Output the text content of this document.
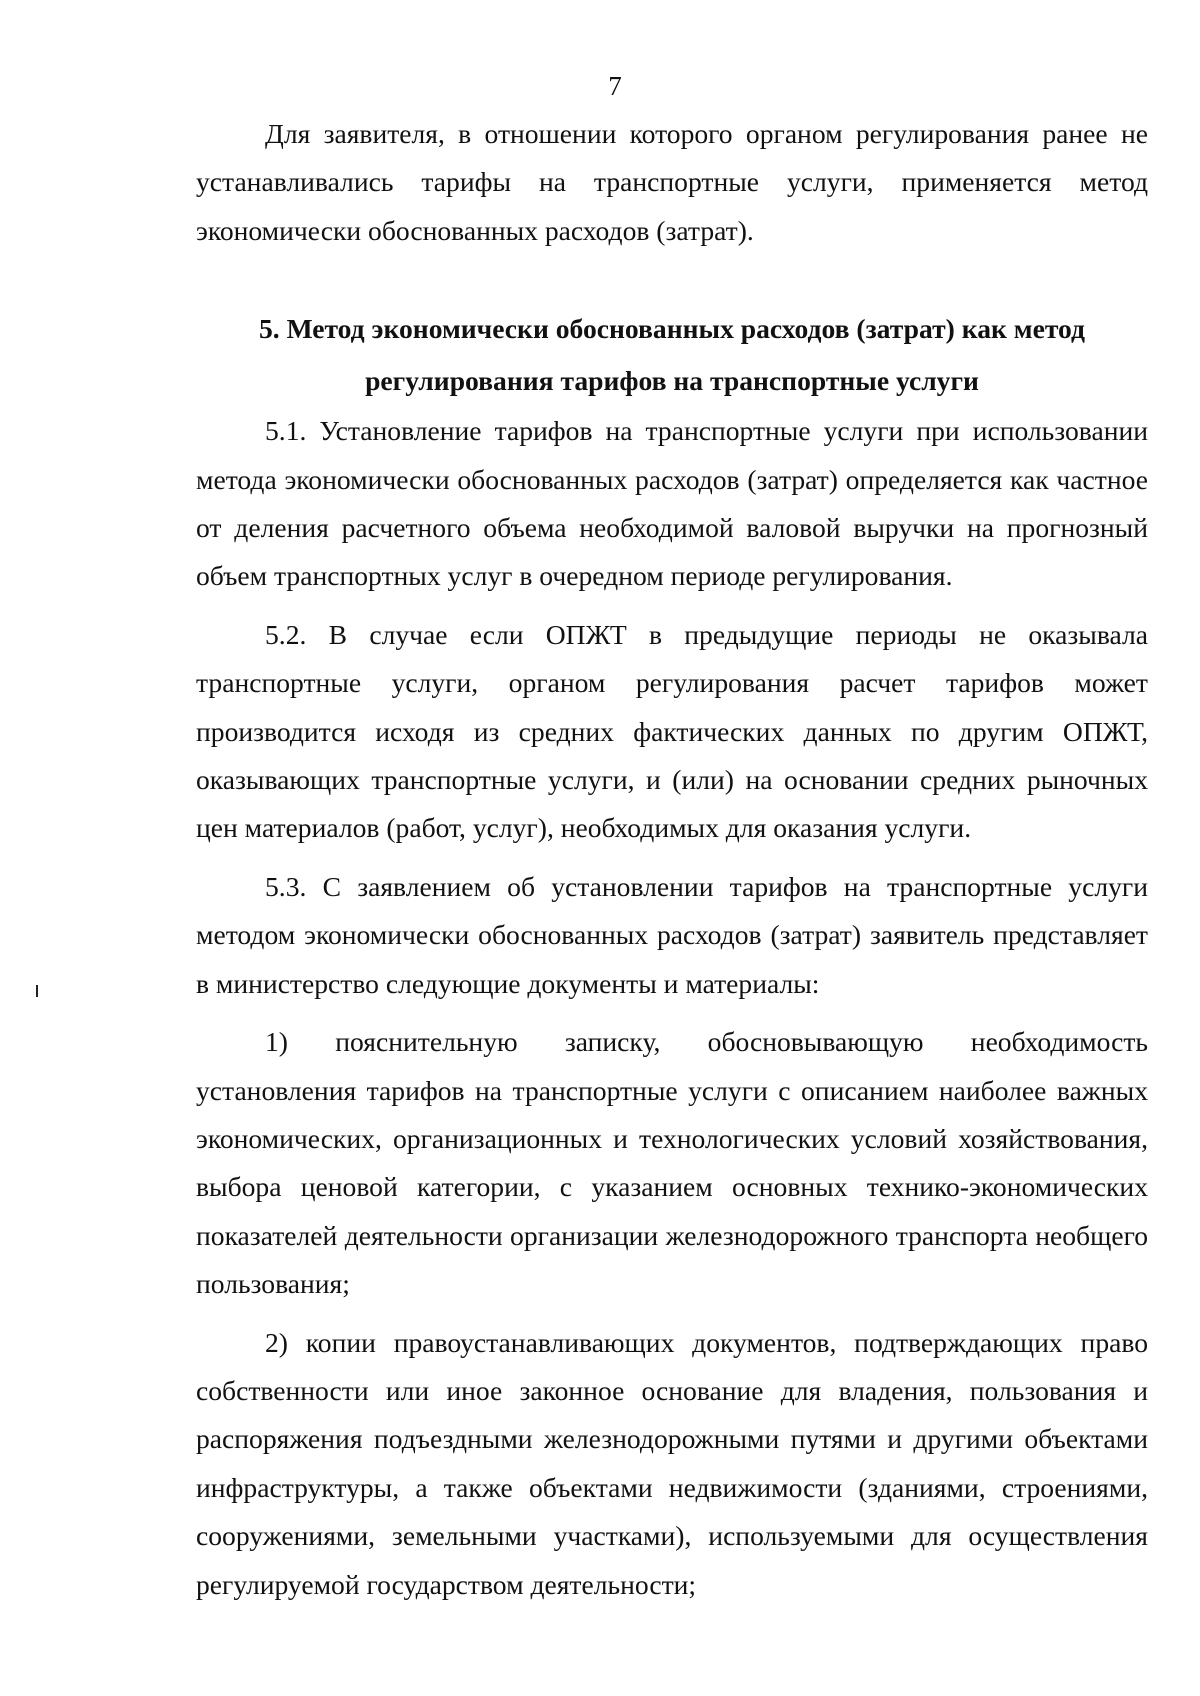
7

Для заявителя, в отношении которого органом регулирования ранее не устанавливались тарифы на транспортные услуги, применяется метод экономически обоснованных расходов (затрат).

5. Метод экономически обоснованных расходов (затрат) как метод
регулирования тарифов на транспортные услуги

5.1. Установление тарифов на транспортные услуги при использовании метода экономически обоснованных расходов (затрат) определяется как частное от деления расчетного объема необходимой валовой выручки на прогнозный объем транспортных услуг в очередном периоде регулирования.

5.2. В случае если ОПЖТ в предыдущие периоды не оказывала транспортные услуги, органом регулирования расчет тарифов может производится исходя из средних фактических данных по другим ОПЖТ, оказывающих транспортные услуги, и (или) на основании средних рыночных цен материалов (работ, услуг), необходимых для оказания услуги.

5.3. С заявлением об установлении тарифов на транспортные услуги методом экономически обоснованных расходов (затрат) заявитель представляет в министерство следующие документы и материалы:

1) пояснительную записку, обосновывающую необходимость установления тарифов на транспортные услуги с описанием наиболее важных экономических, организационных и технологических условий хозяйствования, выбора ценовой категории, с указанием основных технико-экономических показателей деятельности организации железнодорожного транспорта необщего пользования;

2) копии правоустанавливающих документов, подтверждающих право собственности или иное законное основание для владения, пользования и распоряжения подъездными железнодорожными путями и другими объектами инфраструктуры, а также объектами недвижимости (зданиями, строениями, сооружениями, земельными участками), используемыми для осуществления регулируемой государством деятельности;
